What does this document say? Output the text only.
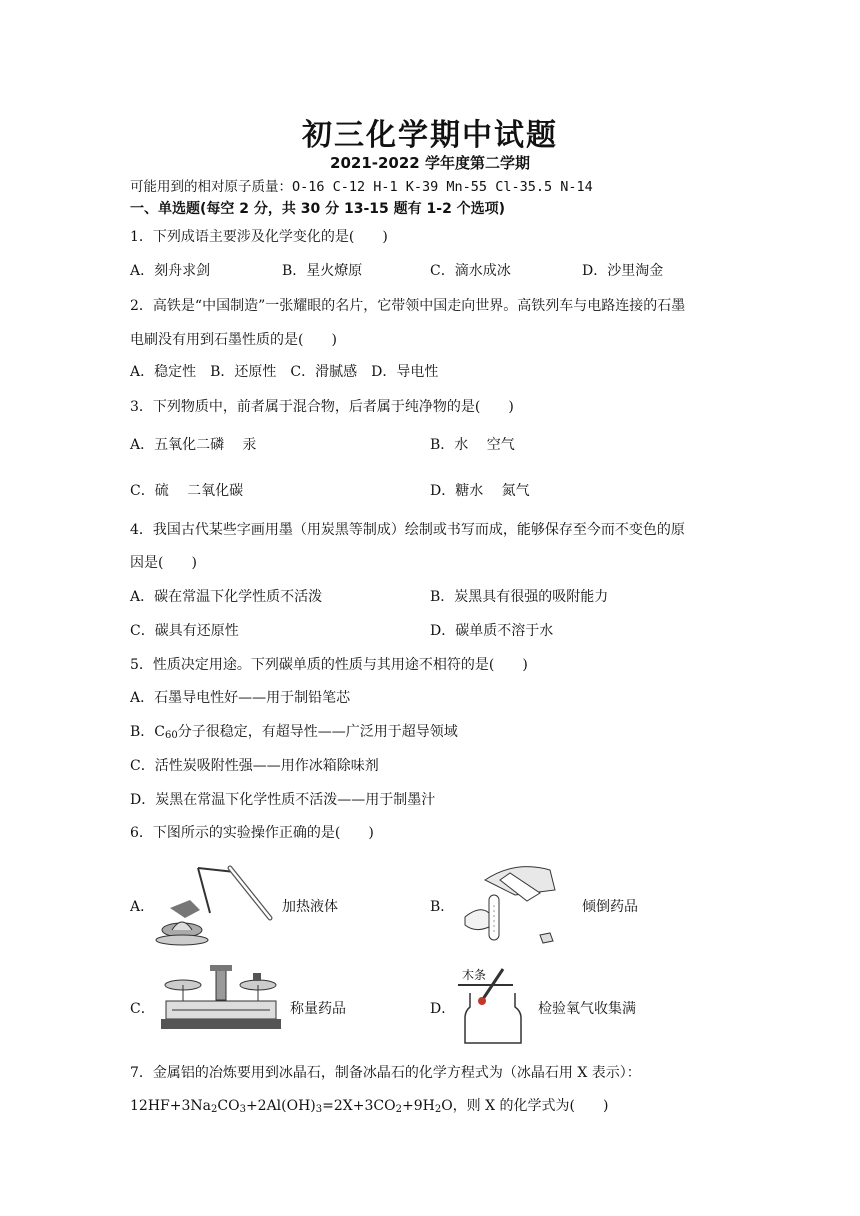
初三化学期中试题
2021-2022 学年度第二学期
可能用到的相对原子质量：O-16 C-12 H-1 K-39 Mn-55 Cl-35.5 N-14
一、单选题(每空 2 分，共 30 分 13-15 题有 1-2 个选项)
1．下列成语主要涉及化学变化的是(　　)
A．刻舟求剑	B．星火燎原	C．滴水成冰	D．沙里淘金
2．高铁是“中国制造”一张耀眼的名片，它带领中国走向世界。高铁列车与电路连接的石墨
电刷没有用到石墨性质的是(　　)
A．稳定性　B．还原性　C．滑腻感　D．导电性
3．下列物质中，前者属于混合物，后者属于纯净物的是(　　)
A．五氧化二磷　 汞	B．水　 空气
C．硫　 二氧化碳	D．糖水　 氮气
4．我国古代某些字画用墨（用炭黑等制成）绘制或书写而成，能够保存至今而不变色的原
因是(　　)
A．碳在常温下化学性质不活泼	B．炭黑具有很强的吸附能力
C．碳具有还原性	D．碳单质不溶于水
5．性质决定用途。下列碳单质的性质与其用途不相符的是(　　)
A．石墨导电性好——用于制铅笔芯
B．$C_{60}$分子很稳定，有超导性——广泛用于超导领域
C．活性炭吸附性强——用作冰箱除味剂
D．炭黑在常温下化学性质不活泼——用于制墨汁
6．下图所示的实验操作正确的是(　　)
A．	加热液体	B．	倾倒药品
C．	称量药品	D．
木条
检验氧气收集满
7．金属铝的冶炼要用到冰晶石，制备冰晶石的化学方程式为（冰晶石用 X 表示）：
$12HF+3Na_2CO_3+2Al(OH)_3=2X+3CO_2+9H_2O$，则 X 的化学式为(　　)
